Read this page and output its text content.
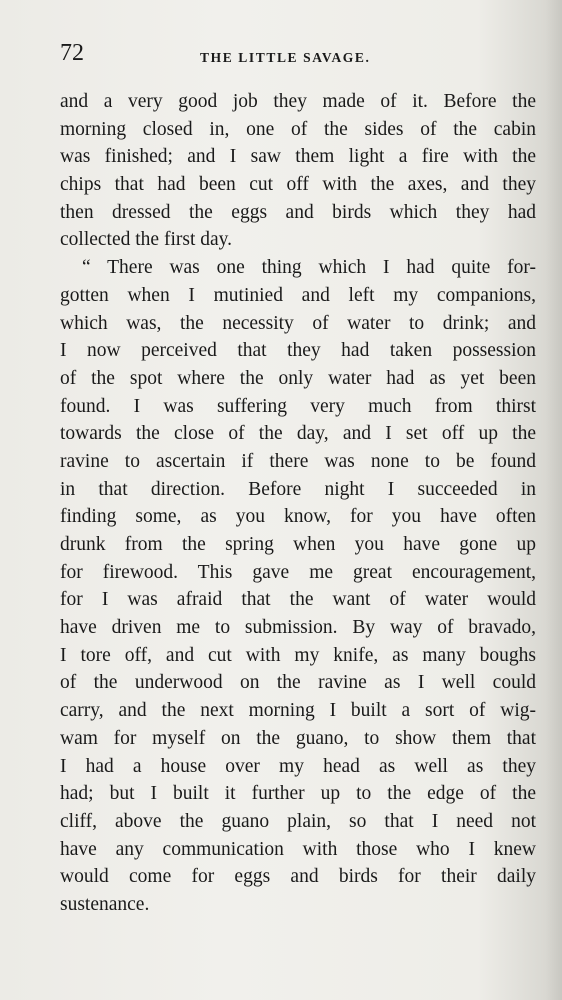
72	THE LITTLE SAVAGE.
and a very good job they made of it. Before the
morning closed in, one of the sides of the cabin
was finished; and I saw them light a fire with the
chips that had been cut off with the axes, and they
then dressed the eggs and birds which they had
collected the first day.
“ There was one thing which I had quite for-
gotten when I mutinied and left my companions,
which was, the necessity of water to drink; and
I now perceived that they had taken possession
of the spot where the only water had as yet been
found. I was suffering very much from thirst
towards the close of the day, and I set off up the
ravine to ascertain if there was none to be found
in that direction. Before night I succeeded in
finding some, as you know, for you have often
drunk from the spring when you have gone up
for firewood. This gave me great encouragement,
for I was afraid that the want of water would
have driven me to submission. By way of bravado,
I tore off, and cut with my knife, as many boughs
of the underwood on the ravine as I well could
carry, and the next morning I built a sort of wig-
wam for myself on the guano, to show them that
I had a house over my head as well as they
had; but I built it further up to the edge of the
cliff, above the guano plain, so that I need not
have any communication with those who I knew
would come for eggs and birds for their daily
sustenance.
